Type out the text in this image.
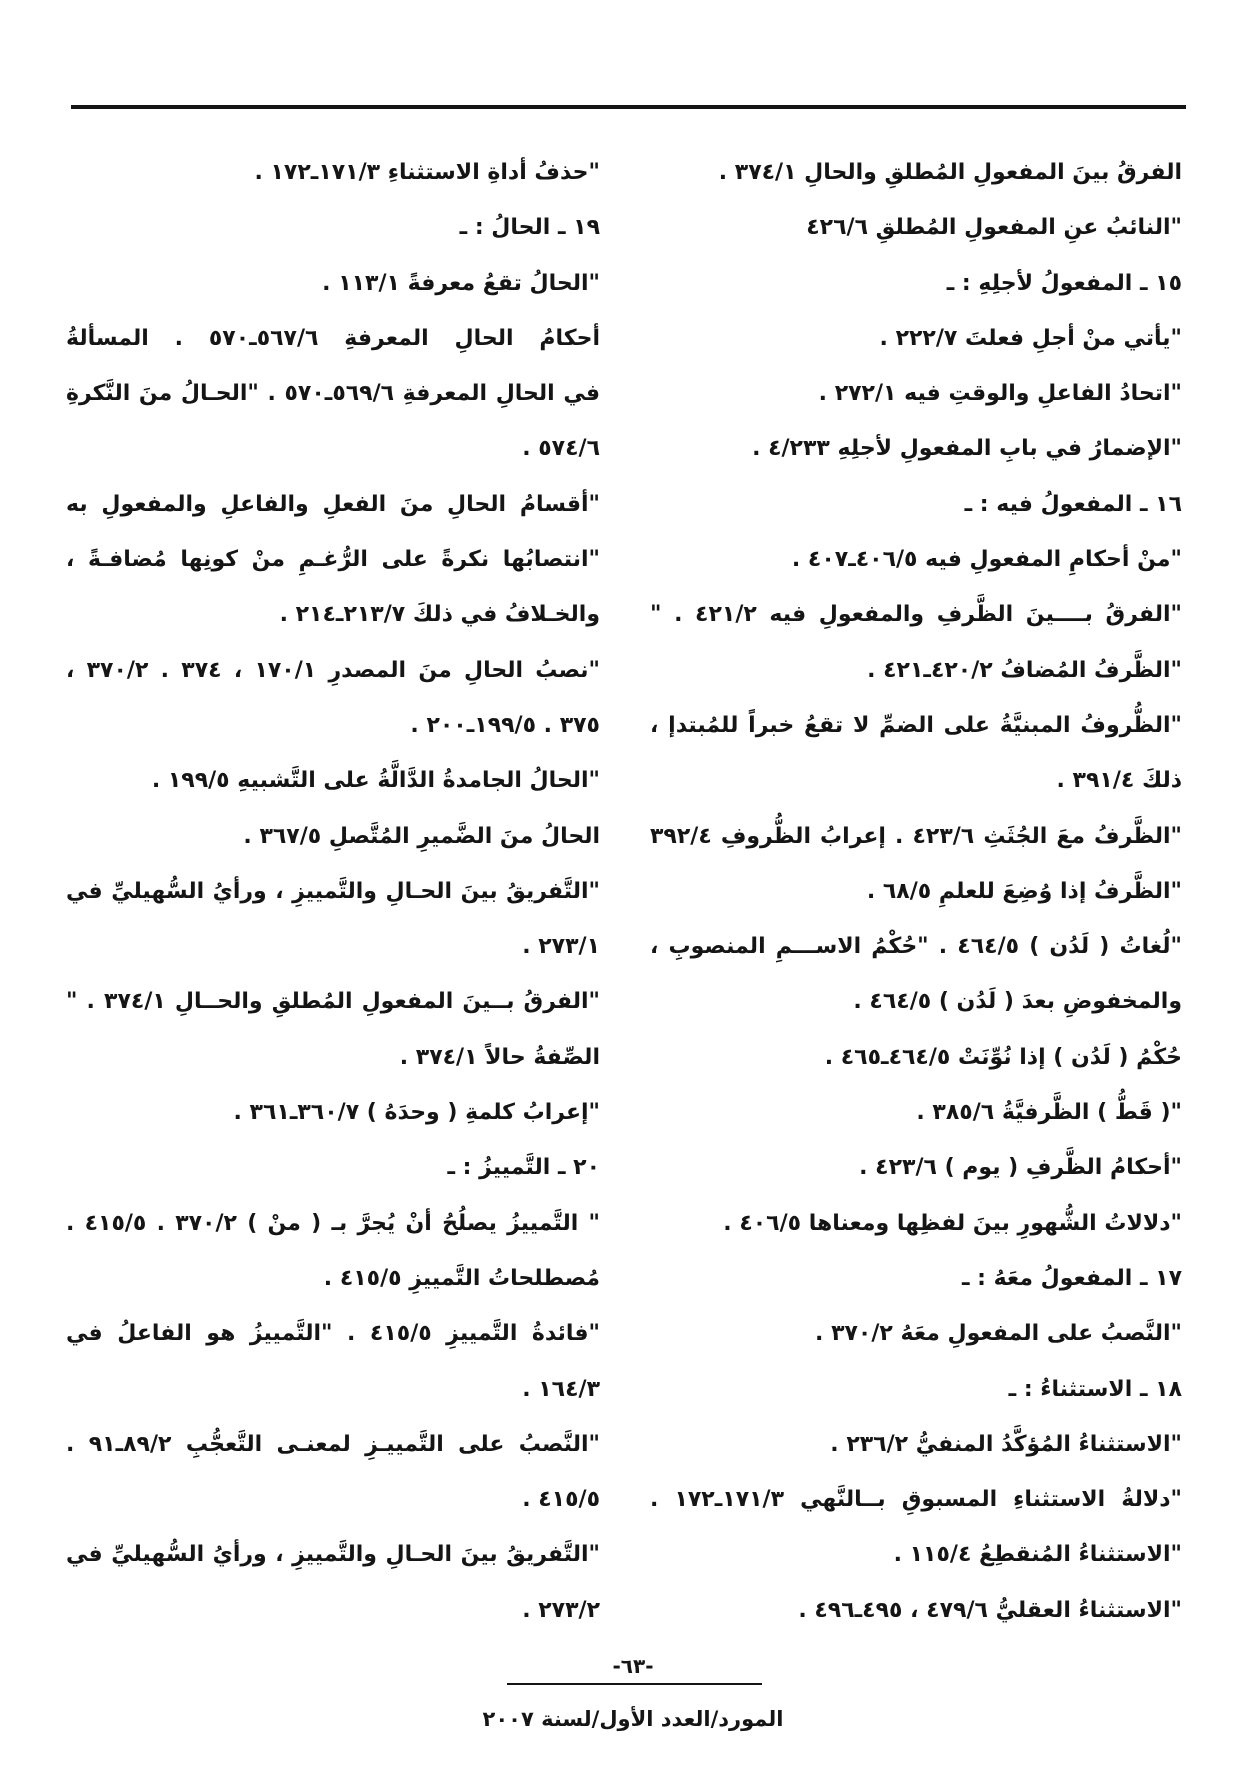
الفرقُ بينَ المفعولِ المُطلقِ والحالِ ٣٧٤/١ .
"النائبُ عنِ المفعولِ المُطلقِ ٤٢٦/٦
١٥ ـ المفعولُ لأجلِهِ : ـ
"يأتي منْ أجلِ فعلتَ ٢٢٢/٧ .
"اتحادُ الفاعلِ والوقتِ فيه ٢٧٢/١ .
"الإضمارُ في بابِ المفعولِ لأجلِهِ ٤/٢٣٣ .
١٦ ـ المفعولُ فيه : ـ
"منْ أحكامِ المفعولِ فيه ٤٠٦/٥ـ٤٠٧ .
"الفرقُ بــــينَ الظَّرفِ والمفعولِ فيه ٤٢١/٢ . "
"الظَّرفُ المُضافُ ٤٢٠/٢ـ٤٢١ .
"الظُّروفُ المبنيَّةُ على الضمِّ لا تقعُ خبراً للمُبتدإ ،
ذلكَ ٣٩١/٤ .
"الظَّرفُ معَ الجُثَثِ ٤٢٣/٦ . إعرابُ الظُّروفِ ٣٩٢/٤
"الظَّرفُ إذا وُضِعَ للعلمِ ٦٨/٥ .
"لُغاتُ ( لَدُن ) ٤٦٤/٥ . "حُكْمُ الاســـمِ المنصوبِ ،
والمخفوضِ بعدَ ( لَدُن ) ٤٦٤/٥ .
حُكْمُ ( لَدُن ) إذا نُوِّنَتْ ٤٦٤/٥ـ٤٦٥ .
"( قَطُّ ) الظَّرفيَّةُ ٣٨٥/٦ .
"أحكامُ الظَّرفِ ( يوم ) ٤٢٣/٦ .
"دلالاتُ الشُّهورِ بينَ لفظِها ومعناها ٤٠٦/٥ .
١٧ ـ المفعولُ معَهُ : ـ
"النَّصبُ على المفعولِ معَهُ ٣٧٠/٢ .
١٨ ـ الاستثناءُ : ـ
"الاستثناءُ المُؤكَّدُ المنفيُّ ٢٣٦/٢ .
"دلالةُ الاستثناءِ المسبوقِ بــالنَّهي ١٧١/٣ـ١٧٢ .
"الاستثناءُ المُنقطِعُ ١١٥/٤ .
"الاستثناءُ العقليُّ ٤٧٩/٦ ، ٤٩٥ـ٤٩٦ .
"حذفُ أداةِ الاستثناءِ ١٧١/٣ـ١٧٢ .
١٩ ـ الحالُ : ـ
"الحالُ تقعُ معرفةً ١١٣/١ .
أحكامُ الحالِ المعرفةِ ٥٦٧/٦ـ٥٧٠ . المسألةُ
في الحالِ المعرفةِ ٥٦٩/٦ـ٥٧٠ . "الحـالُ منَ النَّكرةِ
٥٧٤/٦ .
"أقسامُ الحالِ منَ الفعلِ والفاعلِ والمفعولِ به
"انتصابُها نكرةً على الرُّغـمِ منْ كونِها مُضافـةً ،
والخـلافُ في ذلكَ ٢١٣/٧ـ٢١٤ .
"نصبُ الحالِ منَ المصدرِ ١٧٠/١ ، ٣٧٤ . ٣٧٠/٢ ،
٣٧٥ . ١٩٩/٥ـ٢٠٠ .
"الحالُ الجامدةُ الدَّالَّةُ على التَّشبيهِ ١٩٩/٥ .
الحالُ منَ الضَّميرِ المُتَّصلِ ٣٦٧/٥ .
"التَّفريقُ بينَ الحـالِ والتَّمييزِ ، ورأيُ السُّهيليِّ في
٢٧٣/١ .
"الفرقُ بــينَ المفعولِ المُطلقِ والحــالِ ٣٧٤/١ . "
الصِّفةُ حالاً ٣٧٤/١ .
"إعرابُ كلمةِ ( وحدَهُ ) ٣٦٠/٧ـ٣٦١ .
٢٠ ـ التَّمييزُ : ـ
" التَّمييزُ يصلُحُ أنْ يُجرَّ بـ ( منْ ) ٣٧٠/٢ . ٤١٥/٥ .
مُصطلحاتُ التَّمييزِ ٤١٥/٥ .
"فائدةُ التَّمييزِ ٤١٥/٥ . "التَّمييزُ هو الفاعلُ في
١٦٤/٣ .
"النَّصبُ على التَّمييـزِ لمعنـى التَّعجُّبِ ٨٩/٢ـ٩١ .
٤١٥/٥ .
"التَّفريقُ بينَ الحـالِ والتَّمييزِ ، ورأيُ السُّهيليِّ في
٢٧٣/٢ .
-٦٣-
المورد/العدد الأول/لسنة ٢٠٠٧
